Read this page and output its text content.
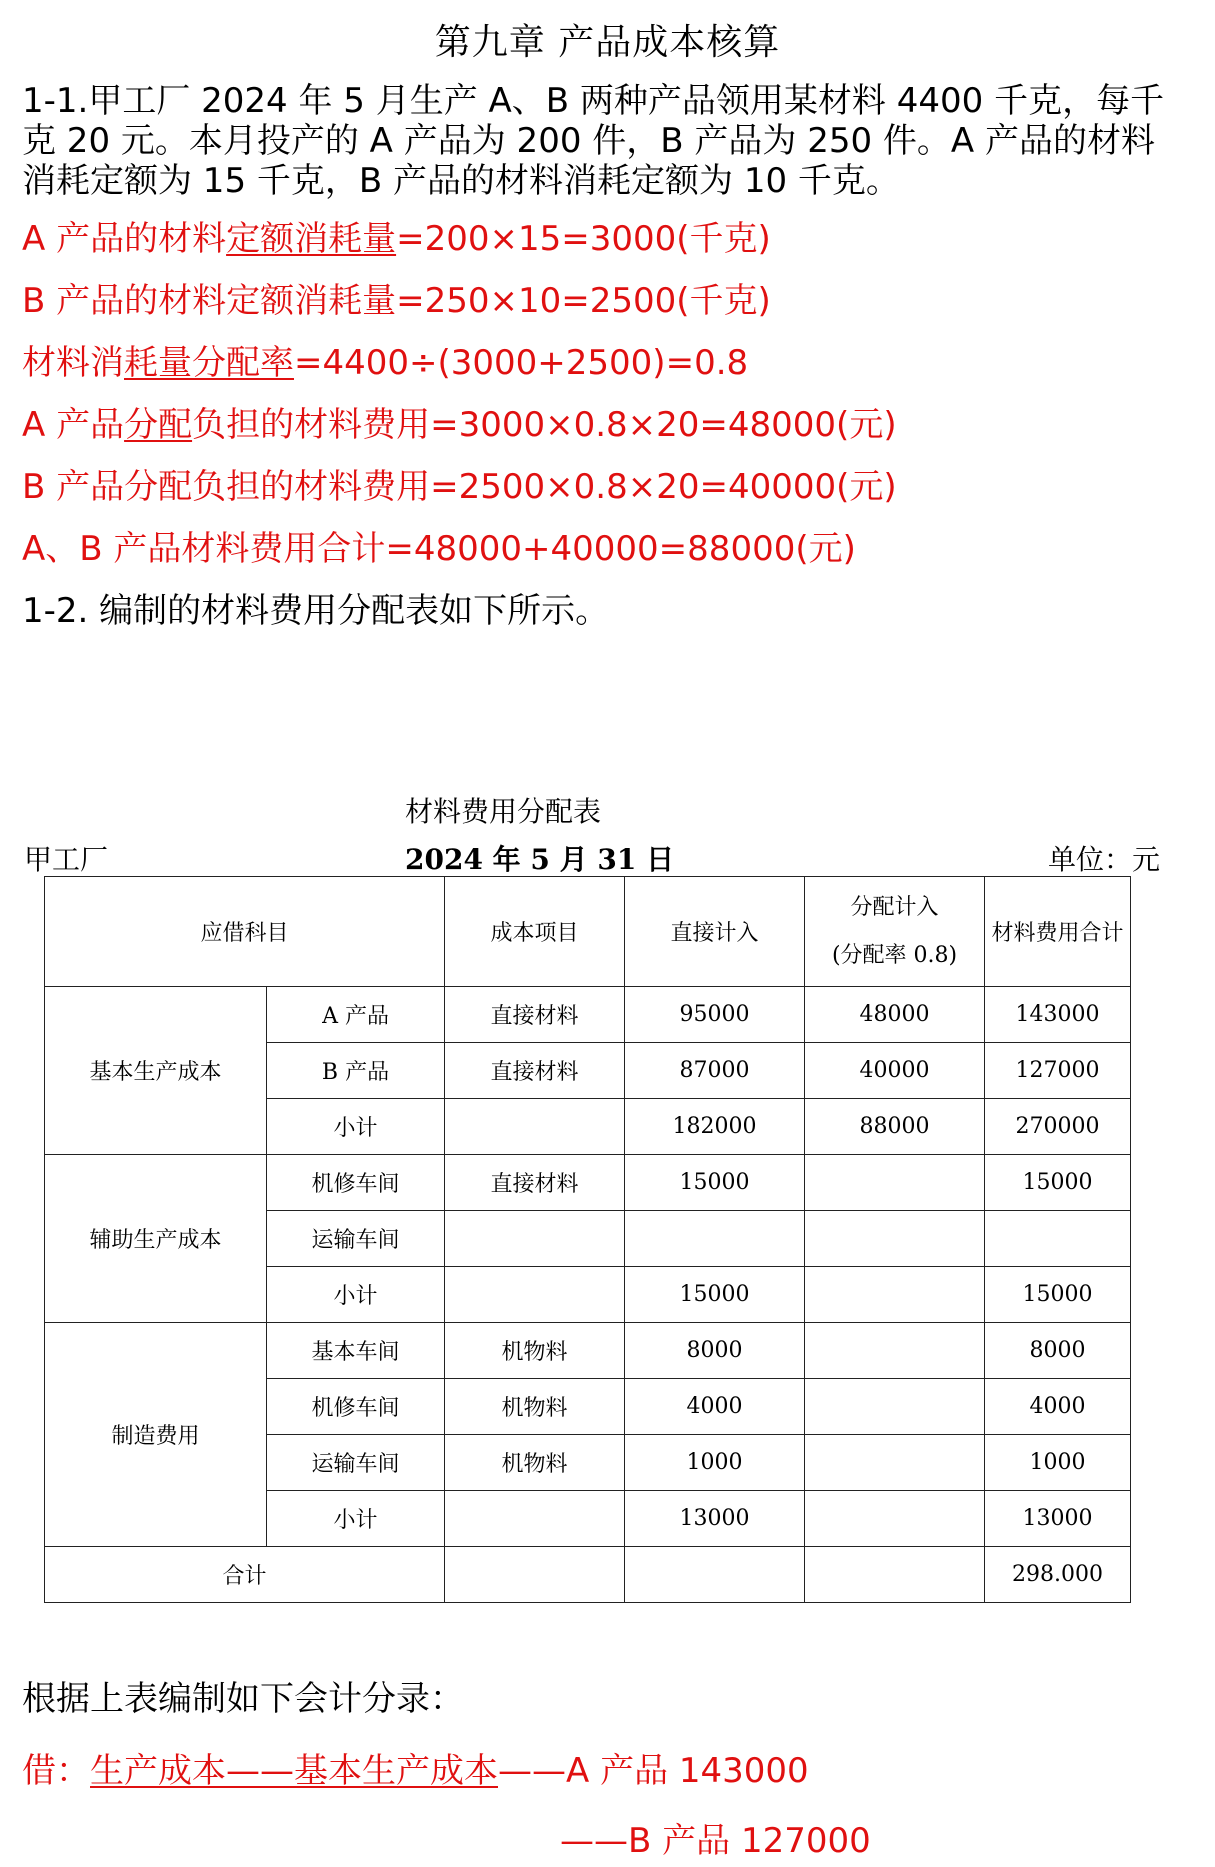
第九章 产品成本核算
1-1.甲工厂 2024 年 5 月生产 A、B 两种产品领用某材料 4400 千克，每千
克 20 元。本月投产的 A 产品为 200 件，B 产品为 250 件。A 产品的材料
消耗定额为 15 千克，B 产品的材料消耗定额为 10 千克。
A 产品的材料定额消耗量=200×15=3000(千克)
B 产品的材料定额消耗量=250×10=2500(千克)
材料消耗量分配率=4400÷(3000+2500)=0.8
A 产品分配负担的材料费用=3000×0.8×20=48000(元)
B 产品分配负担的材料费用=2500×0.8×20=40000(元)
A、B 产品材料费用合计=48000+40000=88000(元)
1-2. 编制的材料费用分配表如下所示。
材料费用分配表
甲工厂	2024 年 5 月 31 日	单位：元
应借科目		成本项目	直接计入	分配计入
(分配率 0.8)	材料费用合计
基本生产成本	A 产品	直接材料	95000	48000	143000
	B 产品	直接材料	87000	40000	127000
	小计		182000	88000	270000
辅助生产成本	机修车间	直接材料	15000		15000
	运输车间				
	小计		15000		15000
制造费用	基本车间	机物料	8000		8000
	机修车间	机物料	4000		4000
	运输车间	机物料	1000		1000
	小计		13000		13000
合计					298.000
根据上表编制如下会计分录：
借：生产成本——基本生产成本——A 产品 143000
——B 产品 127000
